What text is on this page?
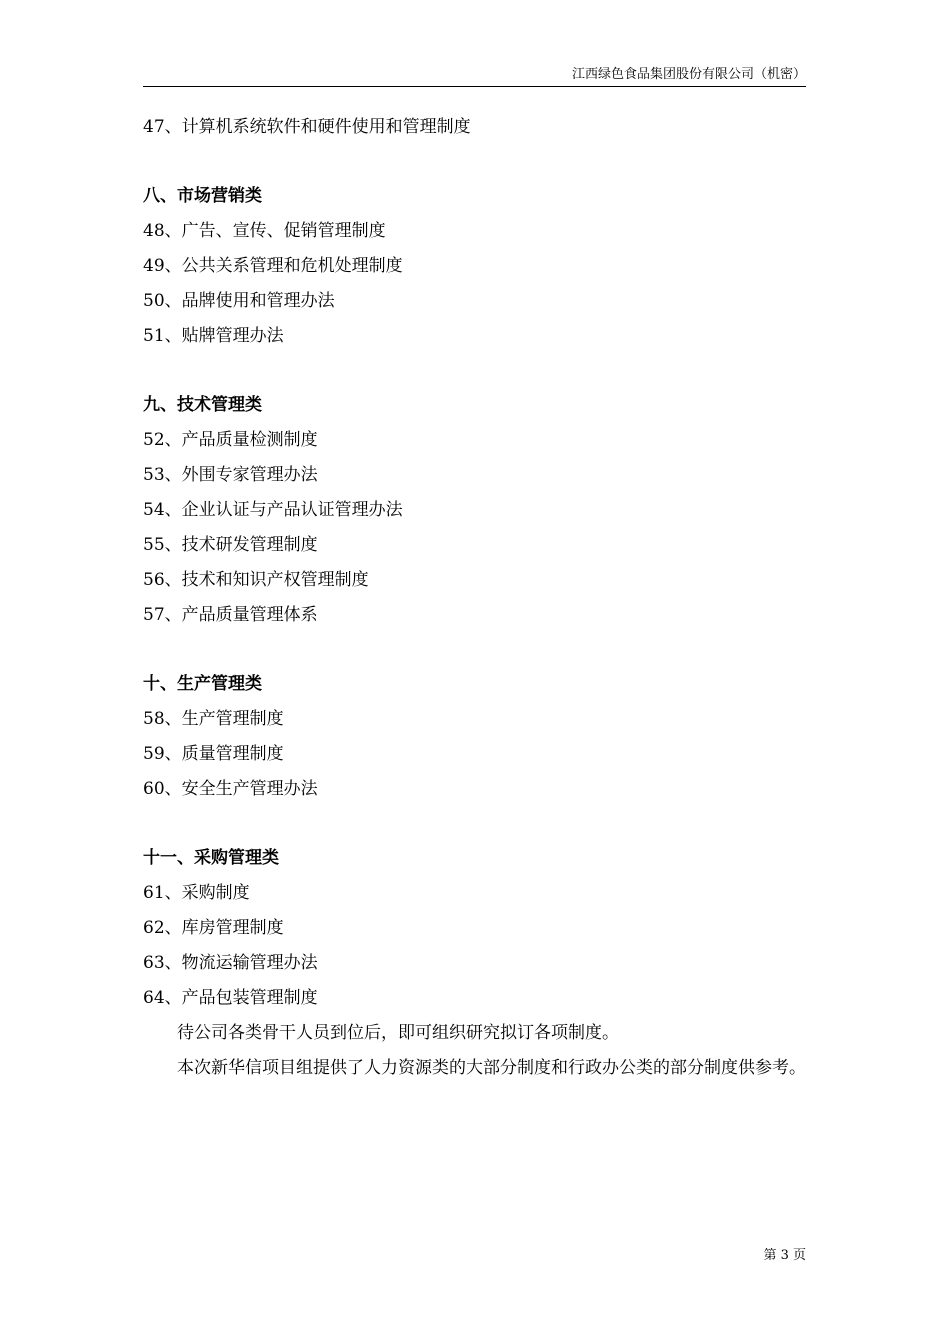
江西绿色食品集团股份有限公司（机密）
47、计算机系统软件和硬件使用和管理制度
八、市场营销类
48、广告、宣传、促销管理制度
49、公共关系管理和危机处理制度
50、品牌使用和管理办法
51、贴牌管理办法
九、技术管理类
52、产品质量检测制度
53、外围专家管理办法
54、企业认证与产品认证管理办法
55、技术研发管理制度
56、技术和知识产权管理制度
57、产品质量管理体系
十、生产管理类
58、生产管理制度
59、质量管理制度
60、安全生产管理办法
十一、采购管理类
61、采购制度
62、库房管理制度
63、物流运输管理办法
64、产品包装管理制度
待公司各类骨干人员到位后，即可组织研究拟订各项制度。
本次新华信项目组提供了人力资源类的大部分制度和行政办公类的部分制度供参考。
第 3 页
